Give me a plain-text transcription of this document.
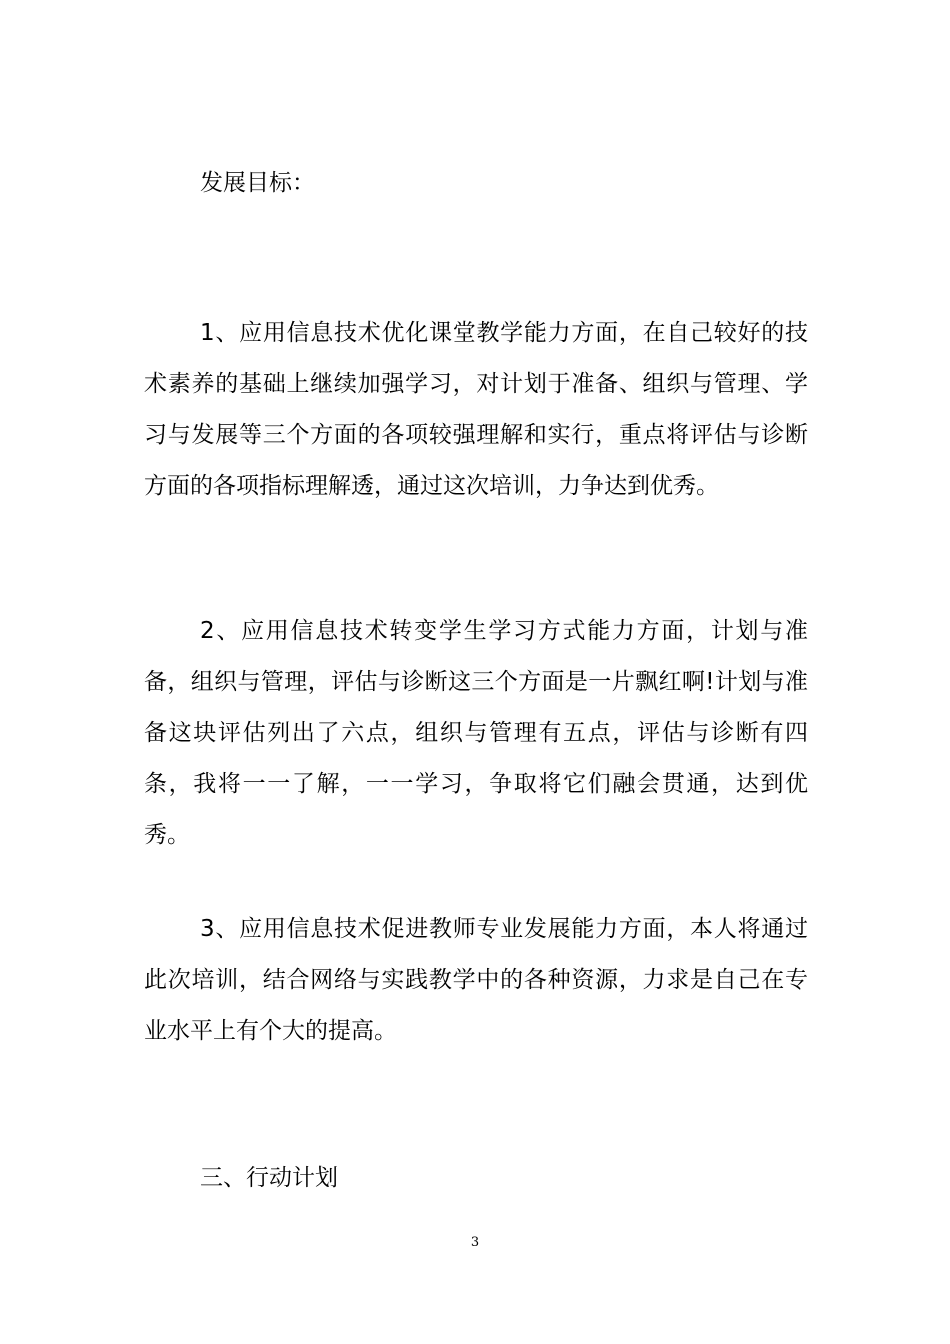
发展目标：
1、应用信息技术优化课堂教学能力方面，在自己较好的技术素养的基础上继续加强学习，对计划于准备、组织与管理、学习与发展等三个方面的各项较强理解和实行，重点将评估与诊断方面的各项指标理解透，通过这次培训，力争达到优秀。
2、应用信息技术转变学生学习方式能力方面，计划与准备，组织与管理，评估与诊断这三个方面是一片飘红啊!计划与准备这块评估列出了六点，组织与管理有五点，评估与诊断有四条，我将一一了解，一一学习，争取将它们融会贯通，达到优秀。
3、应用信息技术促进教师专业发展能力方面，本人将通过此次培训，结合网络与实践教学中的各种资源，力求是自己在专业水平上有个大的提高。
三、行动计划
3
